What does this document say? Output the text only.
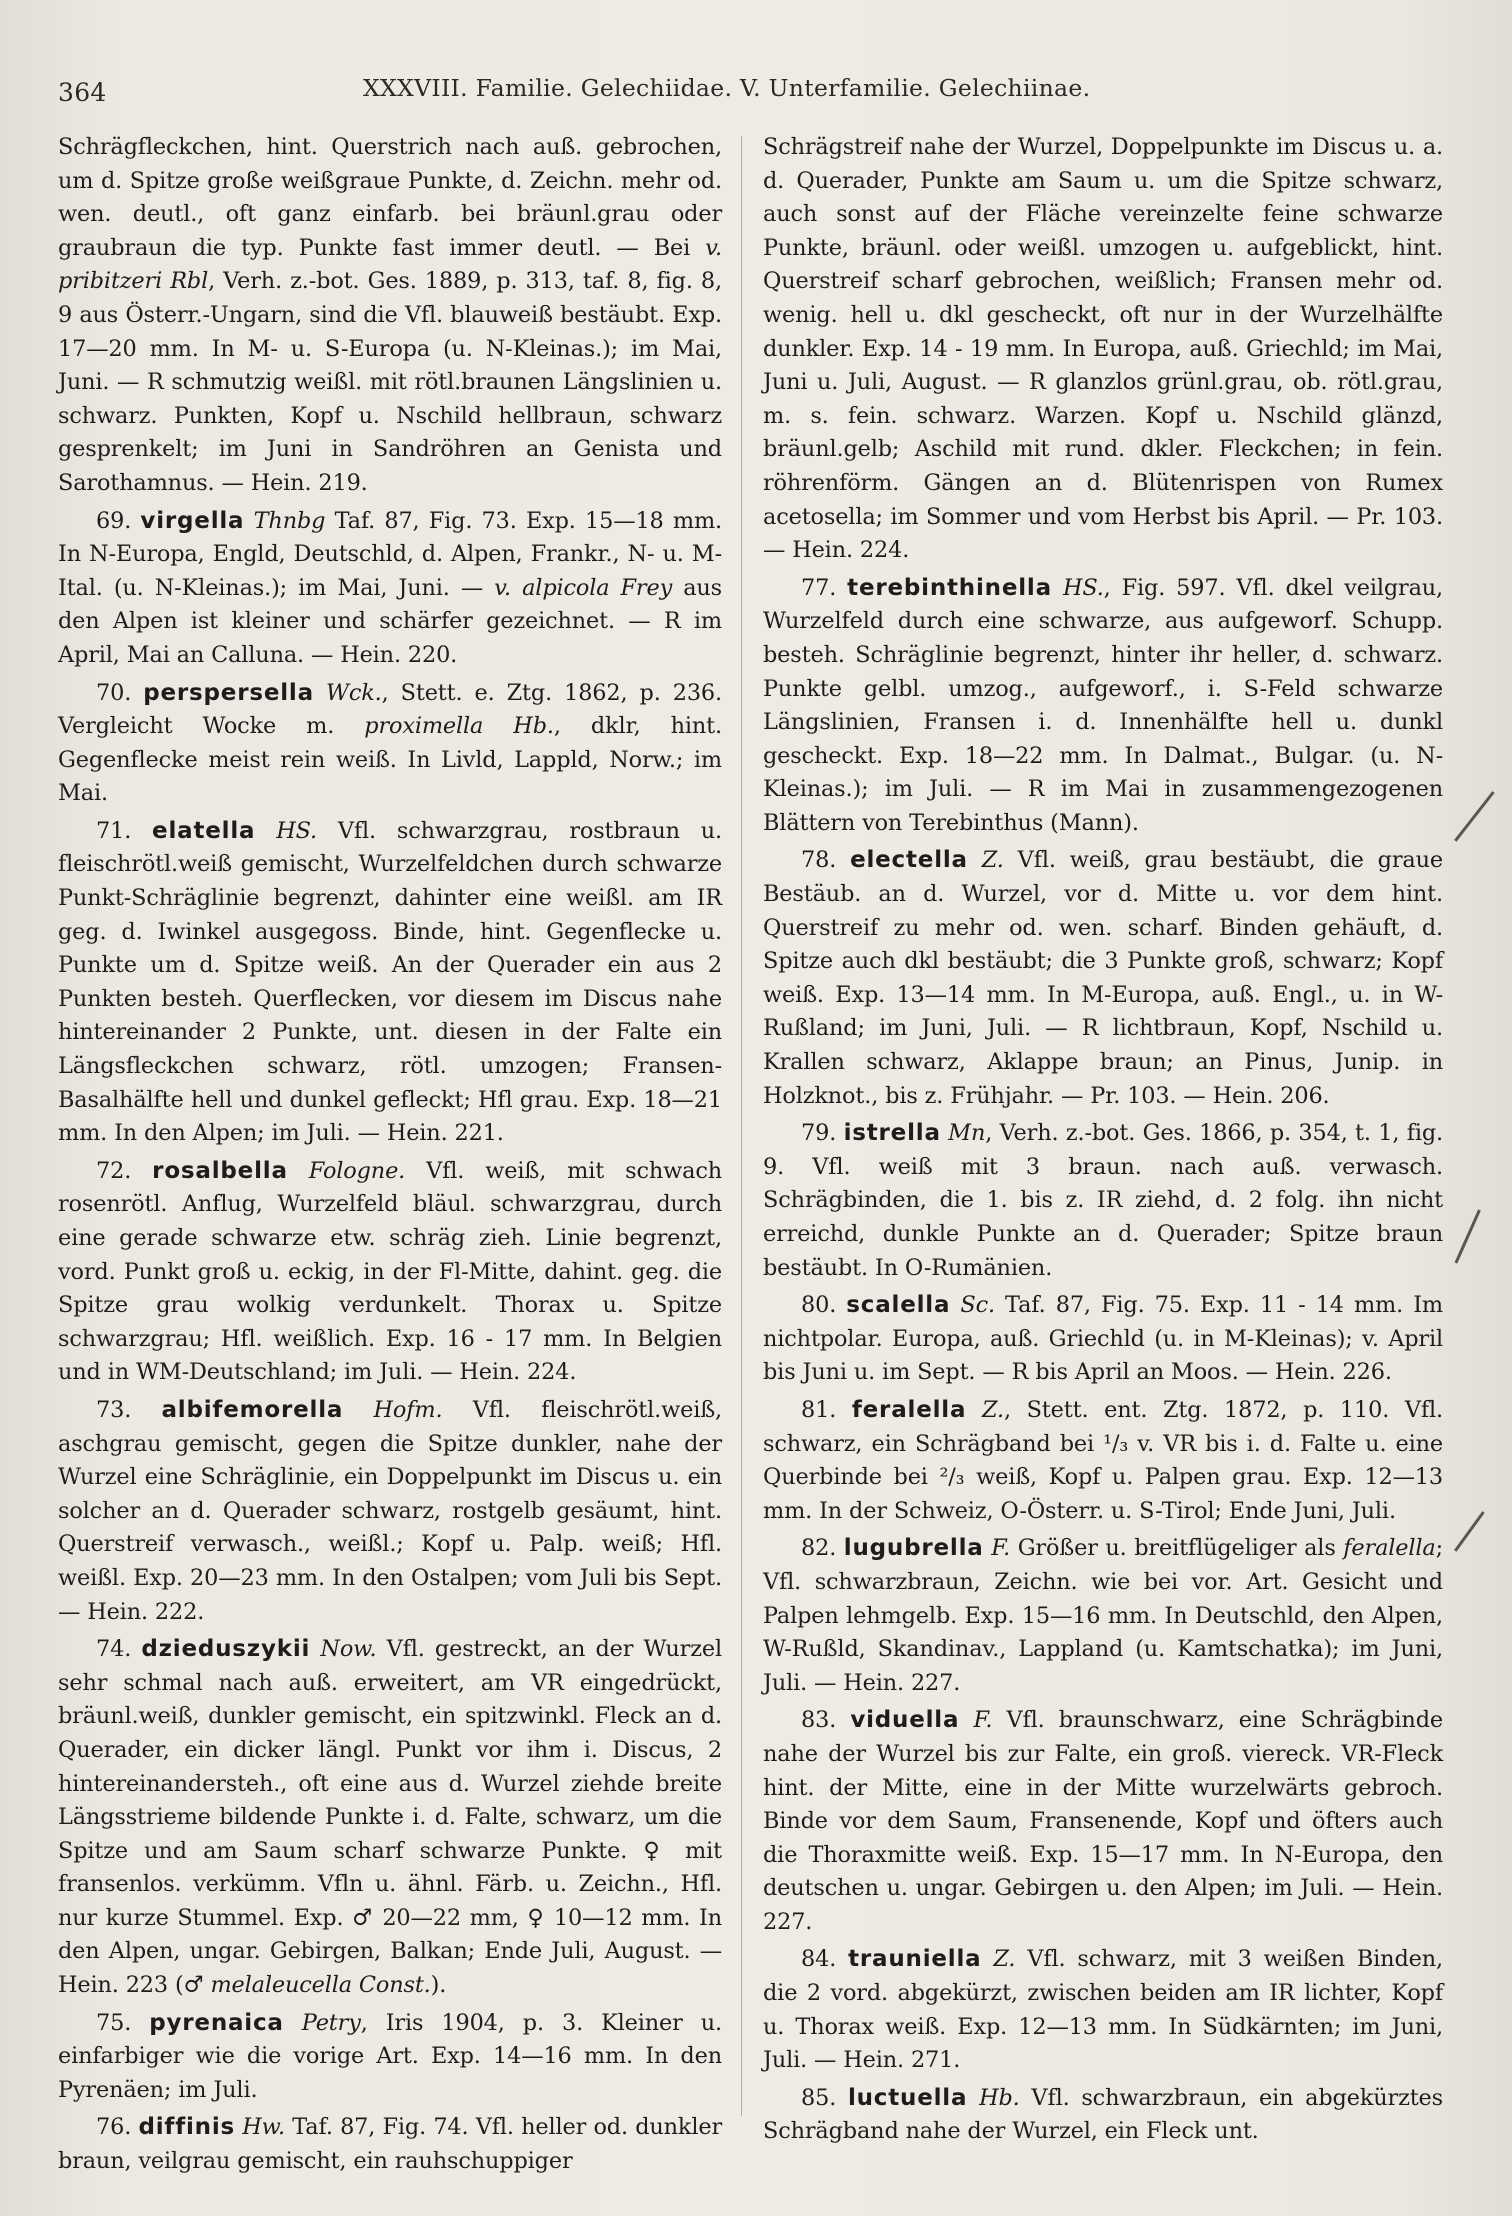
364	XXXVIII. Familie. Gelechiidae. V. Unterfamilie. Gelechiinae.

Schrägfleckchen, hint. Querstrich nach auß. gebrochen, um d. Spitze große weißgraue Punkte, d. Zeichn. mehr od. wen. deutl., oft ganz einfarb. bei bräunl.grau oder graubraun die typ. Punkte fast immer deutl. — Bei v. pribitzeri Rbl, Verh. z.-bot. Ges. 1889, p. 313, taf. 8, fig. 8, 9 aus Österr.-Ungarn, sind die Vfl. blauweiß bestäubt. Exp. 17—20 mm. In M- u. S-Europa (u. N-Kleinas.); im Mai, Juni. — R schmutzig weißl. mit rötl.braunen Längslinien u. schwarz. Punkten, Kopf u. Nschild hellbraun, schwarz gesprenkelt; im Juni in Sandröhren an Genista und Sarothamnus. — Hein. 219.

69. virgella Thnbg Taf. 87, Fig. 73. Exp. 15—18 mm. In N-Europa, Engld, Deutschld, d. Alpen, Frankr., N- u. M-Ital. (u. N-Kleinas.); im Mai, Juni. — v. alpicola Frey aus den Alpen ist kleiner und schärfer gezeichnet. — R im April, Mai an Calluna. — Hein. 220.

70. perspersella Wck., Stett. e. Ztg. 1862, p. 236. Vergleicht Wocke m. proximella Hb., dklr, hint. Gegenflecke meist rein weiß. In Livld, Lappld, Norw.; im Mai.

71. elatella HS. Vfl. schwarzgrau, rostbraun u. fleischrötl.weiß gemischt, Wurzelfeldchen durch schwarze Punkt-Schräglinie begrenzt, dahinter eine weißl. am IR geg. d. Iwinkel ausgegoss. Binde, hint. Gegenflecke u. Punkte um d. Spitze weiß. An der Querader ein aus 2 Punkten besteh. Querflecken, vor diesem im Discus nahe hintereinander 2 Punkte, unt. diesen in der Falte ein Längsfleckchen schwarz, rötl. umzogen; Fransen-Basalhälfte hell und dunkel gefleckt; Hfl grau. Exp. 18—21 mm. In den Alpen; im Juli. — Hein. 221.

72. rosalbella Fologne. Vfl. weiß, mit schwach rosenrötl. Anflug, Wurzelfeld bläul. schwarzgrau, durch eine gerade schwarze etw. schräg zieh. Linie begrenzt, vord. Punkt groß u. eckig, in der Fl-Mitte, dahint. geg. die Spitze grau wolkig verdunkelt. Thorax u. Spitze schwarzgrau; Hfl. weißlich. Exp. 16 - 17 mm. In Belgien und in WM-Deutschland; im Juli. — Hein. 224.

73. albifemorella Hofm. Vfl. fleischrötl.weiß, aschgrau gemischt, gegen die Spitze dunkler, nahe der Wurzel eine Schräglinie, ein Doppelpunkt im Discus u. ein solcher an d. Querader schwarz, rostgelb gesäumt, hint. Querstreif verwasch., weißl.; Kopf u. Palp. weiß; Hfl. weißl. Exp. 20—23 mm. In den Ostalpen; vom Juli bis Sept. — Hein. 222.

74. dzieduszykii Now. Vfl. gestreckt, an der Wurzel sehr schmal nach auß. erweitert, am VR eingedrückt, bräunl.weiß, dunkler gemischt, ein spitzwinkl. Fleck an d. Querader, ein dicker längl. Punkt vor ihm i. Discus, 2 hintereinandersteh., oft eine aus d. Wurzel ziehde breite Längsstrieme bildende Punkte i. d. Falte, schwarz, um die Spitze und am Saum scharf schwarze Punkte. ♀ mit fransenlos. verkümm. Vfln u. ähnl. Färb. u. Zeichn., Hfl. nur kurze Stummel. Exp. ♂ 20—22 mm, ♀ 10—12 mm. In den Alpen, ungar. Gebirgen, Balkan; Ende Juli, August. — Hein. 223 (♂ melaleucella Const.).

75. pyrenaica Petry, Iris 1904, p. 3. Kleiner u. einfarbiger wie die vorige Art. Exp. 14—16 mm. In den Pyrenäen; im Juli.

76. diffinis Hw. Taf. 87, Fig. 74. Vfl. heller od. dunkler braun, veilgrau gemischt, ein rauhschuppiger

Schrägstreif nahe der Wurzel, Doppelpunkte im Discus u. a. d. Querader, Punkte am Saum u. um die Spitze schwarz, auch sonst auf der Fläche vereinzelte feine schwarze Punkte, bräunl. oder weißl. umzogen u. aufgeblickt, hint. Querstreif scharf gebrochen, weißlich; Fransen mehr od. wenig. hell u. dkl gescheckt, oft nur in der Wurzelhälfte dunkler. Exp. 14 - 19 mm. In Europa, auß. Griechld; im Mai, Juni u. Juli, August. — R glanzlos grünl.grau, ob. rötl.grau, m. s. fein. schwarz. Warzen. Kopf u. Nschild glänzd, bräunl.gelb; Aschild mit rund. dkler. Fleckchen; in fein. röhrenförm. Gängen an d. Blütenrispen von Rumex acetosella; im Sommer und vom Herbst bis April. — Pr. 103. — Hein. 224.

77. terebinthinella HS., Fig. 597. Vfl. dkel veilgrau, Wurzelfeld durch eine schwarze, aus aufgeworf. Schupp. besteh. Schräglinie begrenzt, hinter ihr heller, d. schwarz. Punkte gelbl. umzog., aufgeworf., i. S-Feld schwarze Längslinien, Fransen i. d. Innenhälfte hell u. dunkl gescheckt. Exp. 18—22 mm. In Dalmat., Bulgar. (u. N-Kleinas.); im Juli. — R im Mai in zusammengezogenen Blättern von Terebinthus (Mann).

78. electella Z. Vfl. weiß, grau bestäubt, die graue Bestäub. an d. Wurzel, vor d. Mitte u. vor dem hint. Querstreif zu mehr od. wen. scharf. Binden gehäuft, d. Spitze auch dkl bestäubt; die 3 Punkte groß, schwarz; Kopf weiß. Exp. 13—14 mm. In M-Europa, auß. Engl., u. in W-Rußland; im Juni, Juli. — R lichtbraun, Kopf, Nschild u. Krallen schwarz, Aklappe braun; an Pinus, Junip. in Holzknot., bis z. Frühjahr. — Pr. 103. — Hein. 206.

79. istrella Mn, Verh. z.-bot. Ges. 1866, p. 354, t. 1, fig. 9. Vfl. weiß mit 3 braun. nach auß. verwasch. Schrägbinden, die 1. bis z. IR ziehd, d. 2 folg. ihn nicht erreichd, dunkle Punkte an d. Querader; Spitze braun bestäubt. In O-Rumänien.

80. scalella Sc. Taf. 87, Fig. 75. Exp. 11 - 14 mm. Im nichtpolar. Europa, auß. Griechld (u. in M-Kleinas); v. April bis Juni u. im Sept. — R bis April an Moos. — Hein. 226.

81. feralella Z., Stett. ent. Ztg. 1872, p. 110. Vfl. schwarz, ein Schrägband bei ¹/₃ v. VR bis i. d. Falte u. eine Querbinde bei ²/₃ weiß, Kopf u. Palpen grau. Exp. 12—13 mm. In der Schweiz, O-Österr. u. S-Tirol; Ende Juni, Juli.

82. lugubrella F. Größer u. breitflügeliger als feralella; Vfl. schwarzbraun, Zeichn. wie bei vor. Art. Gesicht und Palpen lehmgelb. Exp. 15—16 mm. In Deutschld, den Alpen, W-Rußld, Skandinav., Lappland (u. Kamtschatka); im Juni, Juli. — Hein. 227.

83. viduella F. Vfl. braunschwarz, eine Schrägbinde nahe der Wurzel bis zur Falte, ein groß. viereck. VR-Fleck hint. der Mitte, eine in der Mitte wurzelwärts gebroch. Binde vor dem Saum, Fransenende, Kopf und öfters auch die Thoraxmitte weiß. Exp. 15—17 mm. In N-Europa, den deutschen u. ungar. Gebirgen u. den Alpen; im Juli. — Hein. 227.

84. trauniella Z. Vfl. schwarz, mit 3 weißen Binden, die 2 vord. abgekürzt, zwischen beiden am IR lichter, Kopf u. Thorax weiß. Exp. 12—13 mm. In Südkärnten; im Juni, Juli. — Hein. 271.

85. luctuella Hb. Vfl. schwarzbraun, ein abgekürztes Schrägband nahe der Wurzel, ein Fleck unt.
